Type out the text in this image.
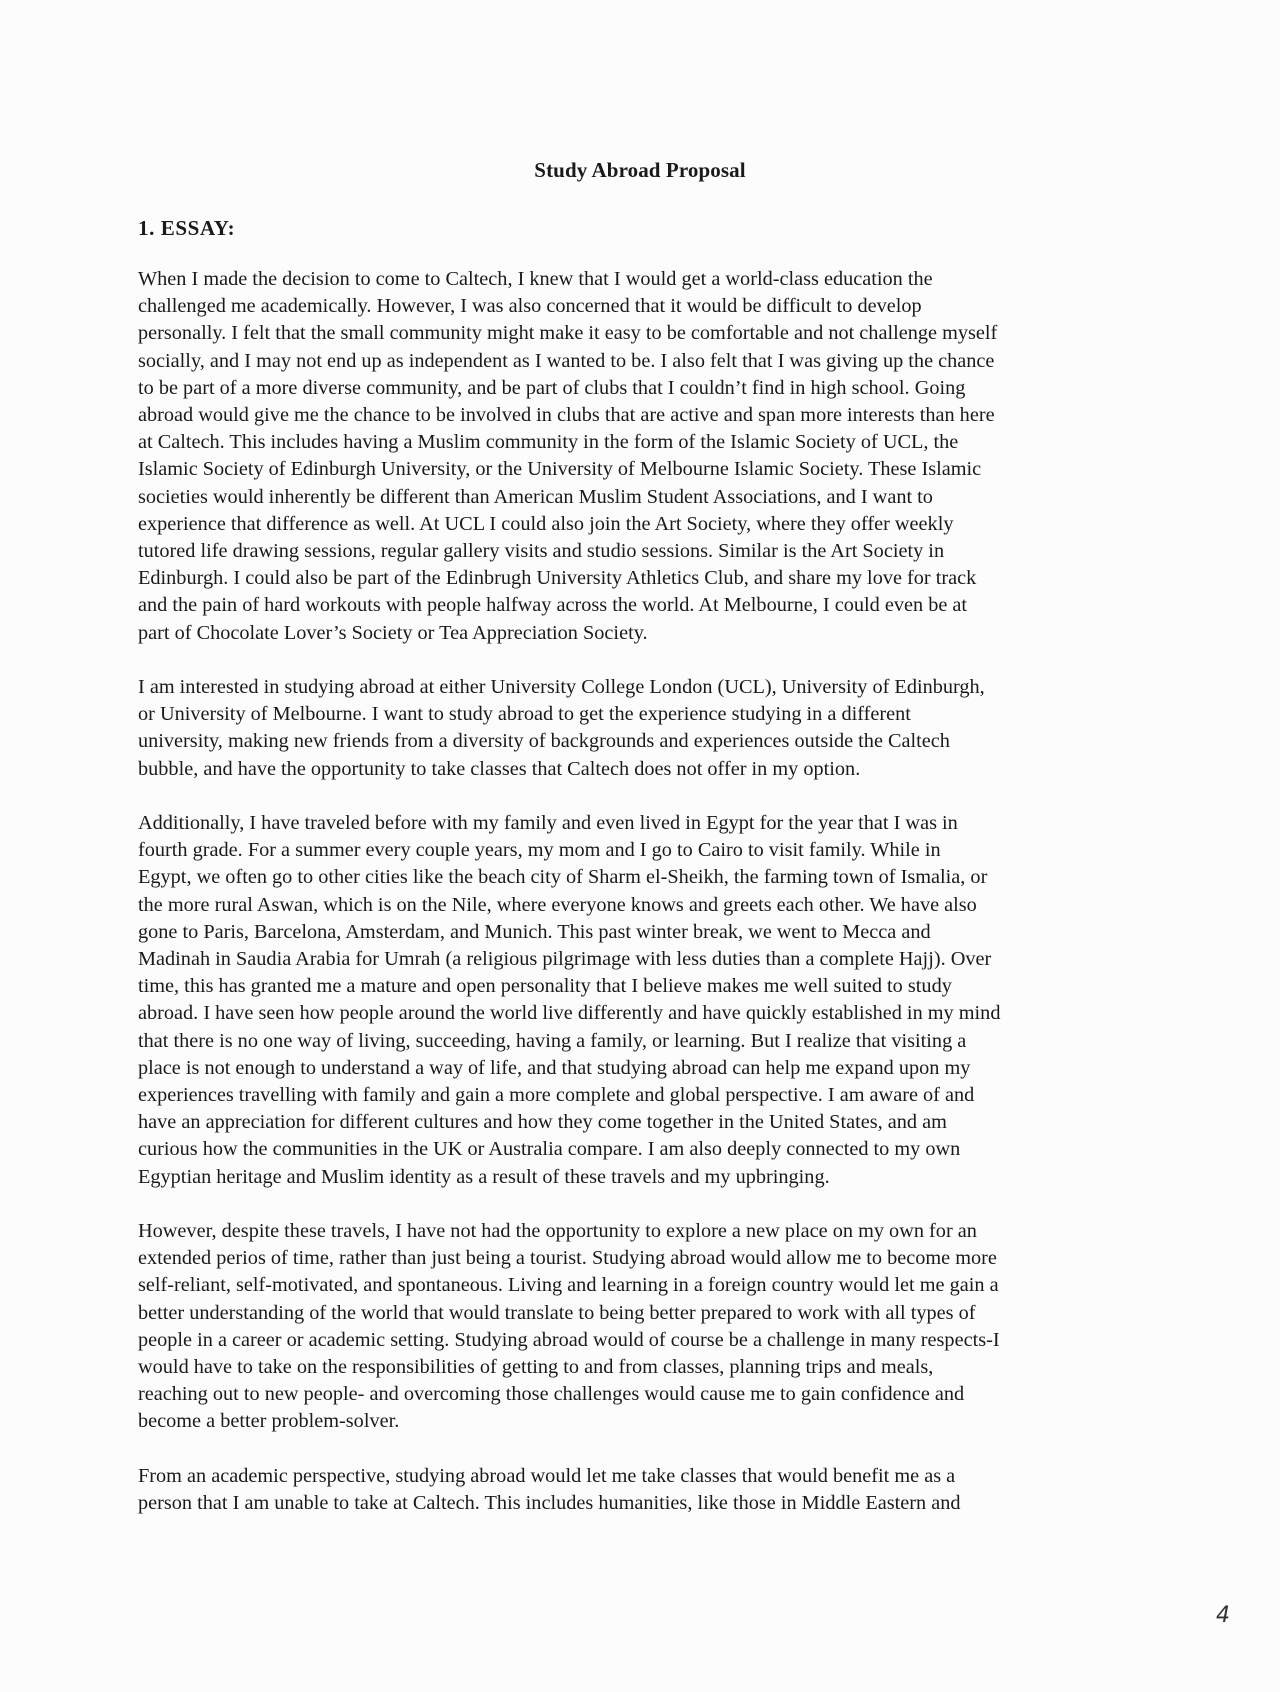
Study Abroad Proposal
1. ESSAY:

When I made the decision to come to Caltech, I knew that I would get a world-class education the
challenged me academically. However, I was also concerned that it would be difficult to develop
personally. I felt that the small community might make it easy to be comfortable and not challenge myself
socially, and I may not end up as independent as I wanted to be. I also felt that I was giving up the chance
to be part of a more diverse community, and be part of clubs that I couldn’t find in high school. Going
abroad would give me the chance to be involved in clubs that are active and span more interests than here
at Caltech. This includes having a Muslim community in the form of the Islamic Society of UCL, the
Islamic Society of Edinburgh University, or the University of Melbourne Islamic Society. These Islamic
societies would inherently be different than American Muslim Student Associations, and I want to
experience that difference as well. At UCL I could also join the Art Society, where they offer weekly
tutored life drawing sessions, regular gallery visits and studio sessions. Similar is the Art Society in
Edinburgh. I could also be part of the Edinbrugh University Athletics Club, and share my love for track
and the pain of hard workouts with people halfway across the world. At Melbourne, I could even be at
part of Chocolate Lover’s Society or Tea Appreciation Society.

I am interested in studying abroad at either University College London (UCL), University of Edinburgh,
or University of Melbourne. I want to study abroad to get the experience studying in a different
university, making new friends from a diversity of backgrounds and experiences outside the Caltech
bubble, and have the opportunity to take classes that Caltech does not offer in my option.

Additionally, I have traveled before with my family and even lived in Egypt for the year that I was in
fourth grade. For a summer every couple years, my mom and I go to Cairo to visit family. While in
Egypt, we often go to other cities like the beach city of Sharm el-Sheikh, the farming town of Ismalia, or
the more rural Aswan, which is on the Nile, where everyone knows and greets each other. We have also
gone to Paris, Barcelona, Amsterdam, and Munich. This past winter break, we went to Mecca and
Madinah in Saudia Arabia for Umrah (a religious pilgrimage with less duties than a complete Hajj). Over
time, this has granted me a mature and open personality that I believe makes me well suited to study
abroad. I have seen how people around the world live differently and have quickly established in my mind
that there is no one way of living, succeeding, having a family, or learning. But I realize that visiting a
place is not enough to understand a way of life, and that studying abroad can help me expand upon my
experiences travelling with family and gain a more complete and global perspective. I am aware of and
have an appreciation for different cultures and how they come together in the United States, and am
curious how the communities in the UK or Australia compare. I am also deeply connected to my own
Egyptian heritage and Muslim identity as a result of these travels and my upbringing.

However, despite these travels, I have not had the opportunity to explore a new place on my own for an
extended perios of time, rather than just being a tourist. Studying abroad would allow me to become more
self-reliant, self-motivated, and spontaneous. Living and learning in a foreign country would let me gain a
better understanding of the world that would translate to being better prepared to work with all types of
people in a career or academic setting. Studying abroad would of course be a challenge in many respects-I
would have to take on the responsibilities of getting to and from classes, planning trips and meals,
reaching out to new people- and overcoming those challenges would cause me to gain confidence and
become a better problem-solver.

From an academic perspective, studying abroad would let me take classes that would benefit me as a
person that I am unable to take at Caltech. This includes humanities, like those in Middle Eastern and

4
